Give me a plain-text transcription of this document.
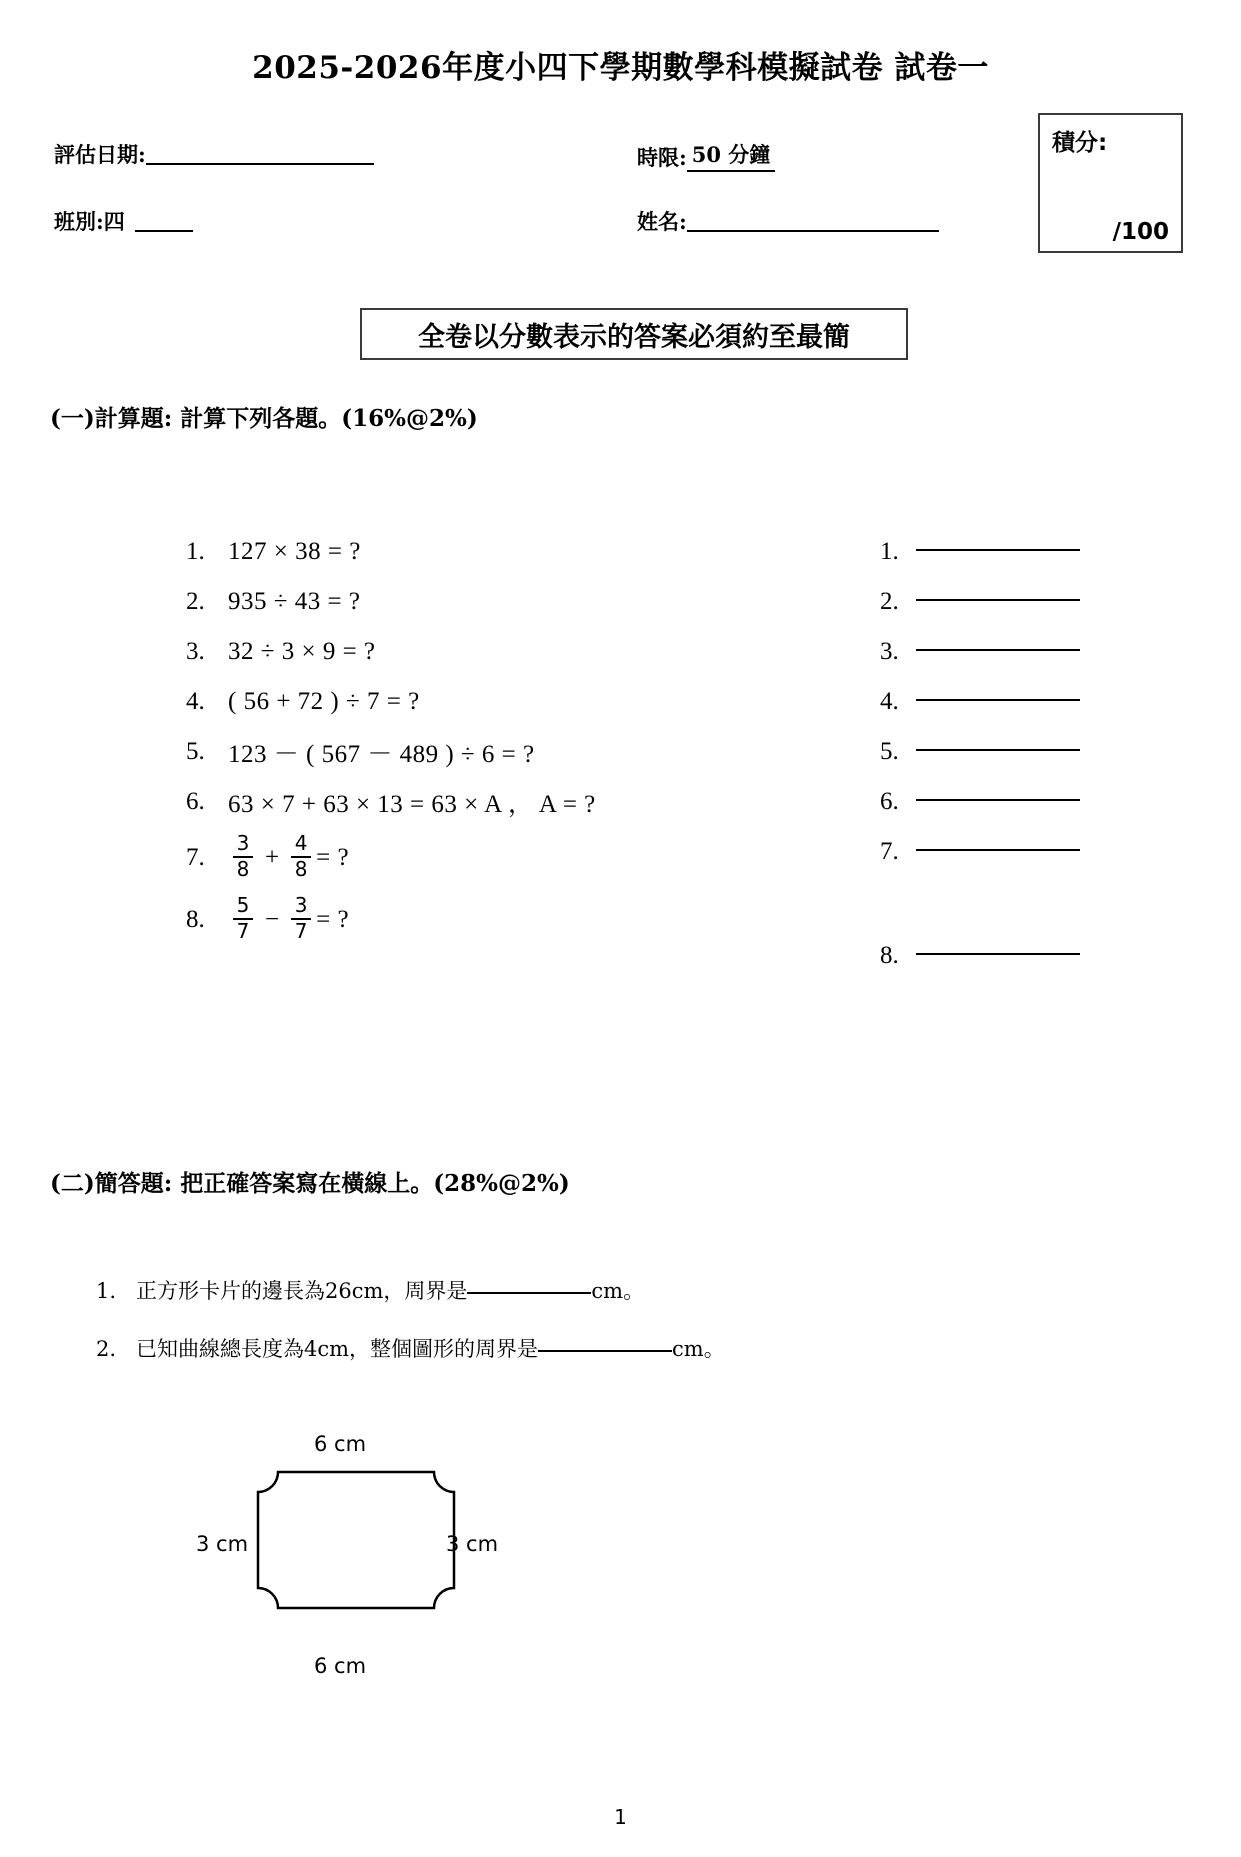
2025-2026年度小四下學期數學科模擬試卷 試卷一
評估日期:	時限: 50 分鐘
班別:四	姓名:
積分:
/100
全卷以分數表示的答案必須約至最簡
(一)計算題: 計算下列各題。(16%@2%)
1. 127 × 38 = ?
2. 935 ÷ 43 = ?
3. 32 ÷ 3 × 9 = ?
4. ( 56 + 72 ) ÷ 7 = ?
5. 123 － ( 567 － 489 ) ÷ 6 = ?
6. 63 × 7 + 63 × 13 = 63 × A ， A = ?
7.	$\frac{3}{8} + \frac{4}{8}$ = ?
8.	$\frac{5}{7} - \frac{3}{7}$ = ?
1.
2.
3.
4.
5.
6.
7.
8.
(二)簡答題: 把正確答案寫在橫線上。(28%@2%)
1. 正方形卡片的邊長為26cm，周界是	cm。
2. 已知曲線總長度為4cm，整個圖形的周界是	cm。
6 cm
3 cm	3 cm
6 cm
1
